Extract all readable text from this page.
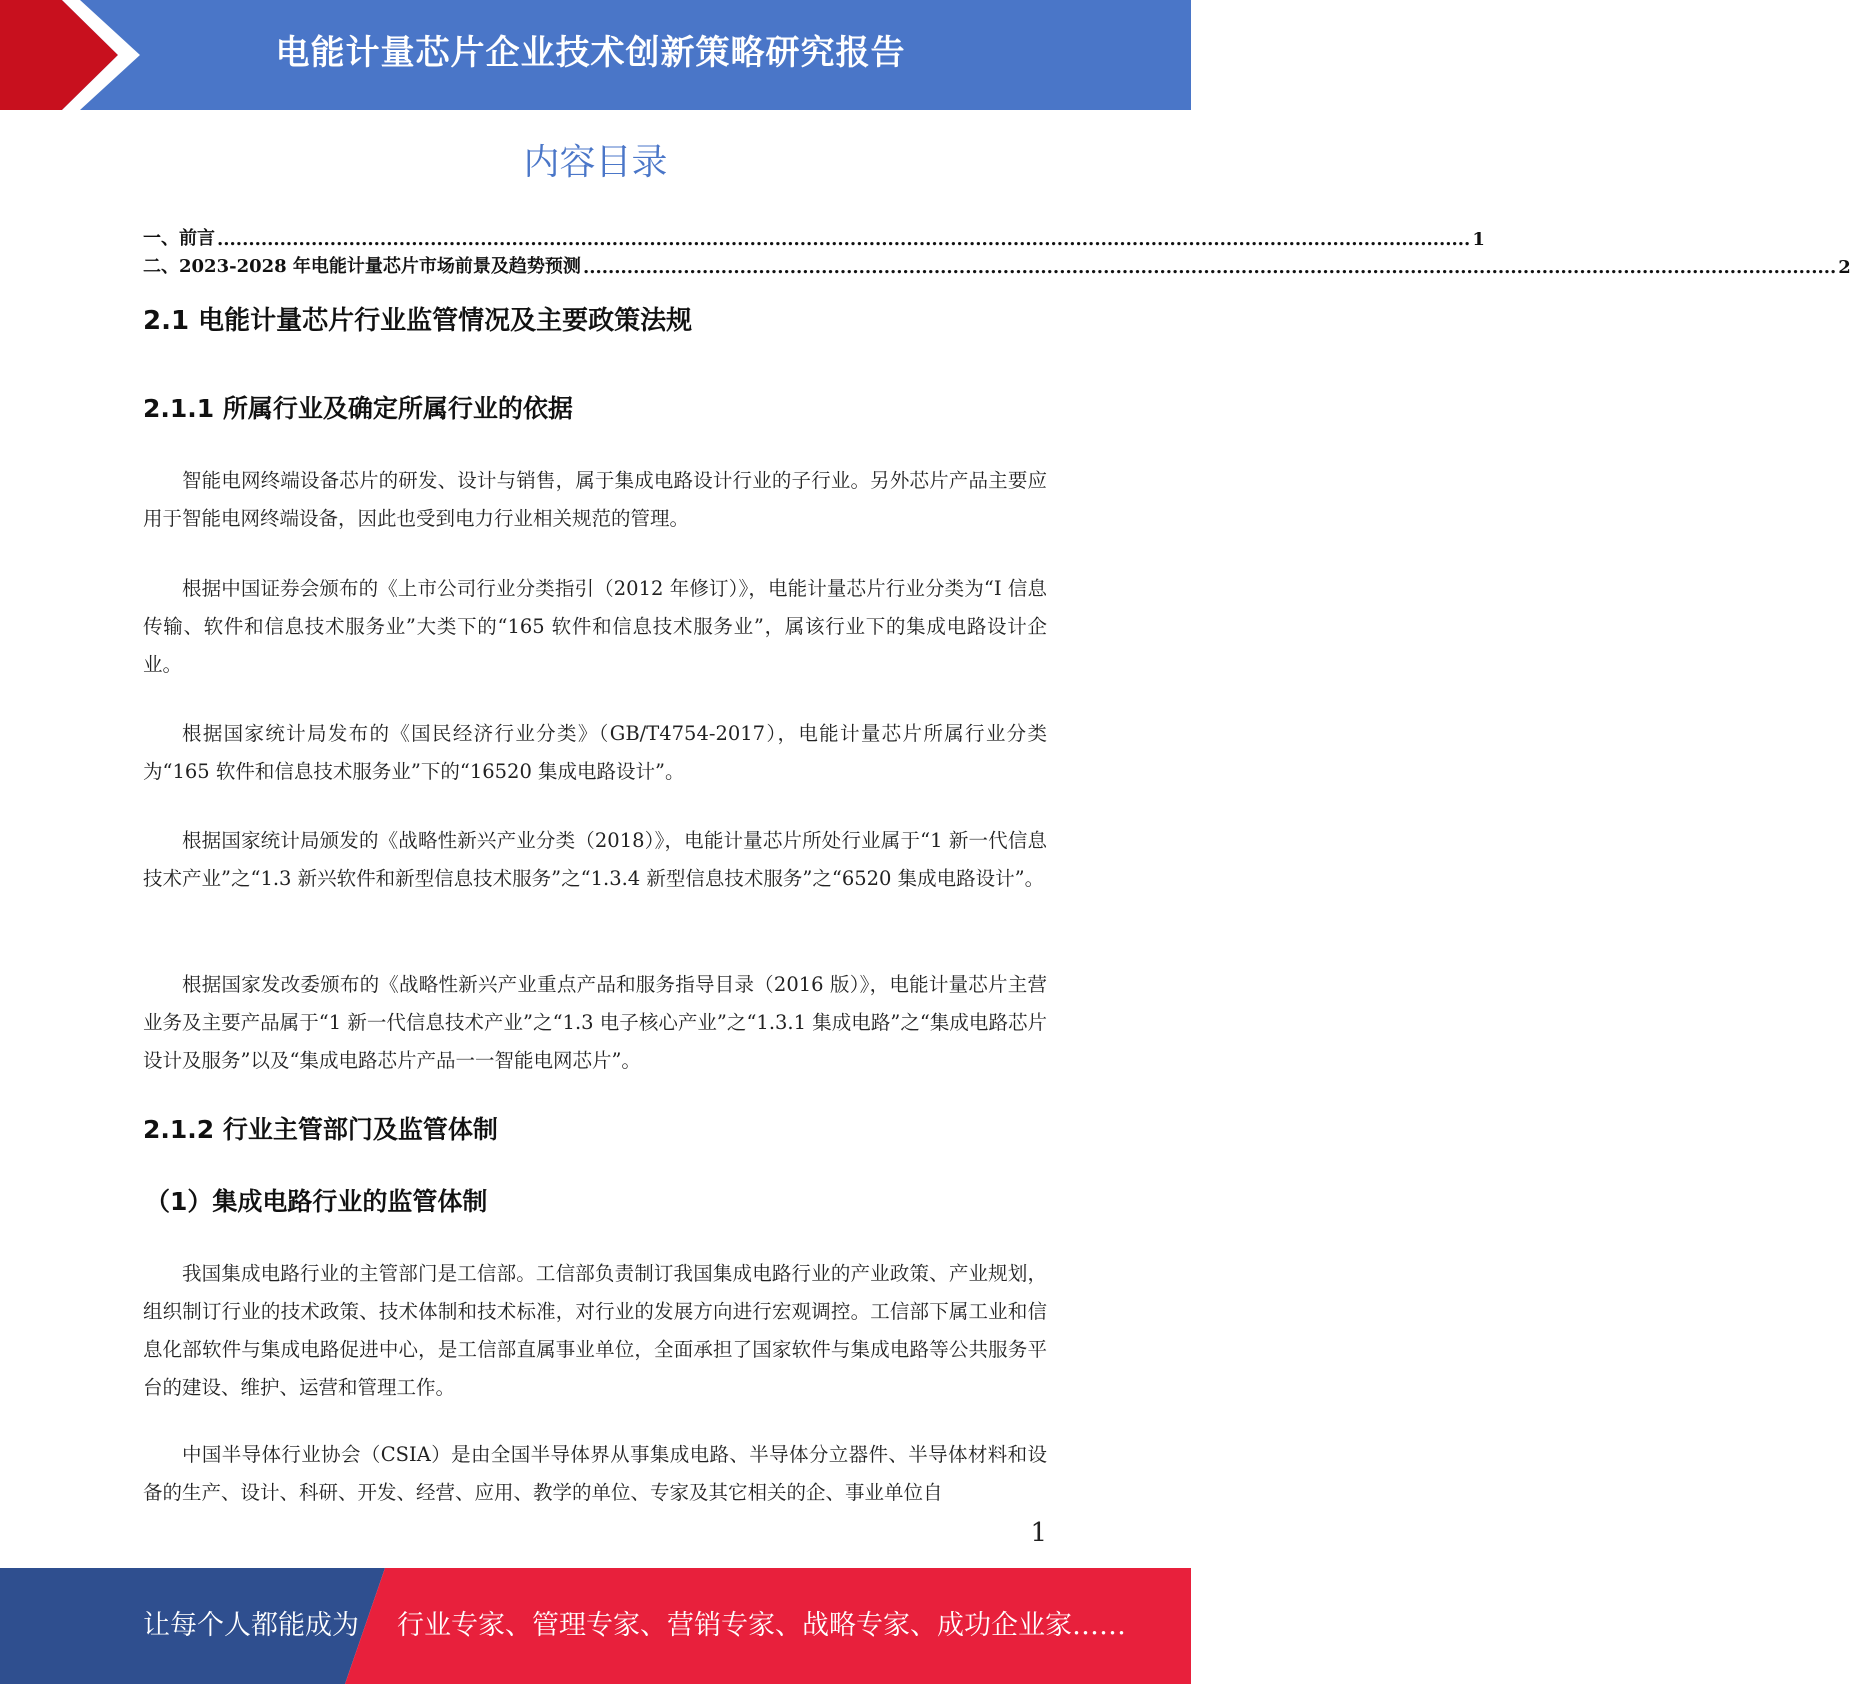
电能计量芯片企业技术创新策略研究报告
内容目录
一、前言 ........................................................................................................................................................................................................ 1
二、2023-2028 年电能计量芯片市场前景及趋势预测 ........................................................................................................................................................................................................ 2
2.1 电能计量芯片行业监管情况及主要政策法规
2.1.1 所属行业及确定所属行业的依据

智能电网终端设备芯片的研发、设计与销售，属于集成电路设计行业的子行业。另外芯片产品主要应用于智能电网终端设备，因此也受到电力行业相关规范的管理。

根据中国证券会颁布的《上市公司行业分类指引（2012 年修订）》，电能计量芯片行业分类为“I 信息传输、软件和信息技术服务业”大类下的“165 软件和信息技术服务业”，属该行业下的集成电路设计企业。

根据国家统计局发布的《国民经济行业分类》（GB/T4754-2017），电能计量芯片所属行业分类为“165 软件和信息技术服务业”下的“16520 集成电路设计”。

根据国家统计局颁发的《战略性新兴产业分类（2018）》，电能计量芯片所处行业属于“1 新一代信息技术产业”之“1.3 新兴软件和新型信息技术服务”之“1.3.4 新型信息技术服务”之“6520 集成电路设计”。

根据国家发改委颁布的《战略性新兴产业重点产品和服务指导目录（2016 版）》，电能计量芯片主营业务及主要产品属于“1 新一代信息技术产业”之“1.3 电子核心产业”之“1.3.1 集成电路”之“集成电路芯片设计及服务”以及“集成电路芯片产品一一智能电网芯片”。

2.1.2 行业主管部门及监管体制
（1）集成电路行业的监管体制

我国集成电路行业的主管部门是工信部。工信部负责制订我国集成电路行业的产业政策、产业规划，组织制订行业的技术政策、技术体制和技术标准，对行业的发展方向进行宏观调控。工信部下属工业和信息化部软件与集成电路促进中心，是工信部直属事业单位，全面承担了国家软件与集成电路等公共服务平台的建设、维护、运营和管理工作。

中国半导体行业协会（CSIA）是由全国半导体界从事集成电路、半导体分立器件、半导体材料和设备的生产、设计、科研、开发、经营、应用、教学的单位、专家及其它相关的企、事业单位自

1
让每个人都能成为 行业专家、管理专家、营销专家、战略专家、成功企业家……
